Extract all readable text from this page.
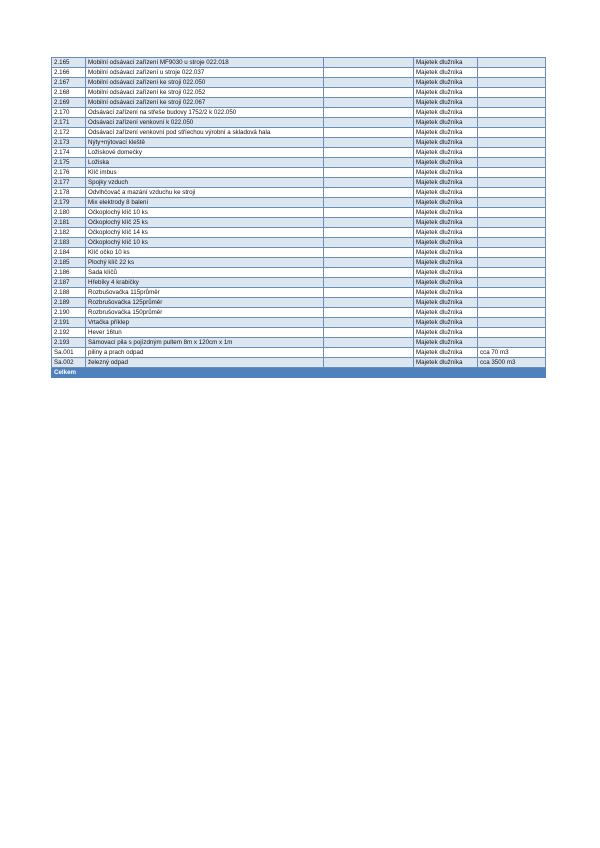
2.165	Mobilní odsávací zařízení MF9030 u stroje 022.018		Majetek dlužníka	
2.166	Mobilní odsávací zařízení u stroje 022.037		Majetek dlužníka	
2.167	Mobilní odsávací zařízení ke stroji 022.050		Majetek dlužníka	
2.168	Mobilní odsávací zařízení ke stroji 022.052		Majetek dlužníka	
2.169	Mobilní odsávací zařízení ke stroji 022.067		Majetek dlužníka	
2.170	Odsávací zařízení na střeše budovy 1752/2 k 022.050		Majetek dlužníka	
2.171	Odsávací zařízení venkovní k 022.050		Majetek dlužníka	
2.172	Odsávací zařízení venkovní pod stříechou výrobní a skladová hala		Majetek dlužníka	
2.173	Nýty+nýtovací kleště		Majetek dlužníka	
2.174	Ložiskové domečky		Majetek dlužníka	
2.175	Ložiska		Majetek dlužníka	
2.176	Klíč imbus		Majetek dlužníka	
2.177	Spojky vzduch		Majetek dlužníka	
2.178	Odvlhčovač a mazání vzduchu ke stroji		Majetek dlužníka	
2.179	Mix elektrody 8 balení		Majetek dlužníka	
2.180	Očkoplochý klíč 10 ks		Majetek dlužníka	
2.181	Očkoplochý klíč 25 ks		Majetek dlužníka	
2.182	Očkoplochý klíč 14 ks		Majetek dlužníka	
2.183	Očkoplochý klíč 10 ks		Majetek dlužníka	
2.184	Klíč očko 10 ks		Majetek dlužníka	
2.185	Plochý klíč 22 ks		Majetek dlužníka	
2.186	Sada klíčů		Majetek dlužníka	
2.187	Hřebíky 4 krabičky		Majetek dlužníka	
2.188	Rozbušovačka 115průměr		Majetek dlužníka	
2.189	Rozbrušovačka 125průměr		Majetek dlužníka	
2.190	Rozbrušovačka 150průměr		Majetek dlužníka	
2.191	Vrtačka příklep		Majetek dlužníka	
2.192	Hever 16tun		Majetek dlužníka	
2.193	Sámovací pila s pojízdným pultem 8m x 120cm x 1m		Majetek dlužníka	
Sa.001	piliny a prach odpad		Majetek dlužníka	cca 70 m3
Sa.002	železný odpad		Majetek dlužníka	cca 3500 m3
Celkem				
